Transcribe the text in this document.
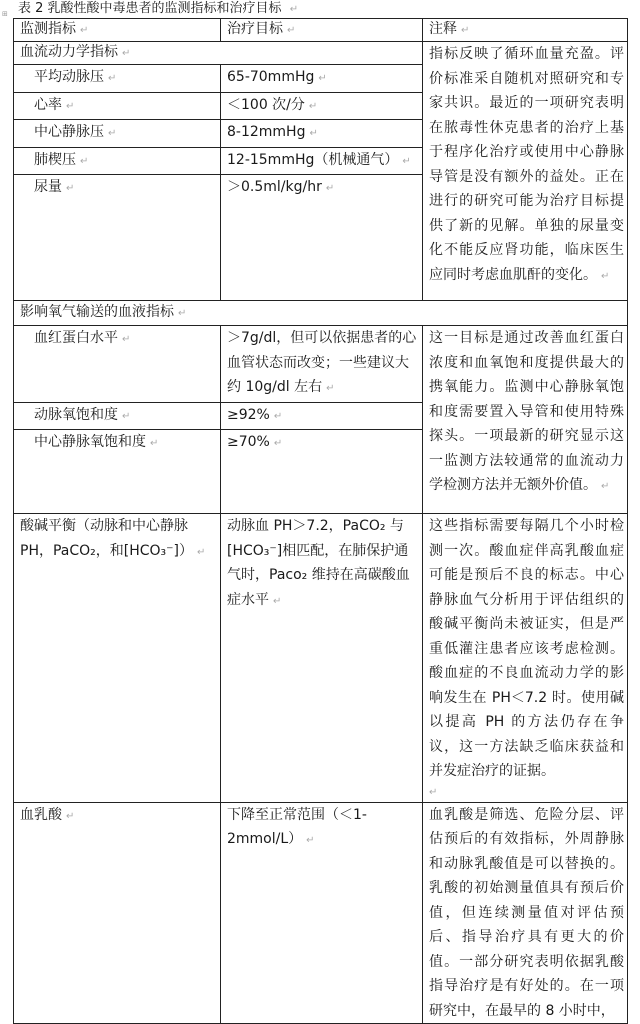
⊞ 表 2 乳酸性酸中毒患者的监测指标和治疗目标 ↵
监测指标 ↵	治疗目标 ↵	注释 ↵
血流动力学指标 ↵		指标反映了循环血量充盈。评价标准采自随机对照研究和专家共识。最近的一项研究表明在脓毒性休克患者的治疗上基于程序化治疗或使用中心静脉导管是没有额外的益处。正在进行的研究可能为治疗目标提供了新的见解。单独的尿量变化不能反应肾功能，临床医生应同时考虑血肌酐的变化。 ↵
平均动脉压 ↵	65-70mmHg ↵	
心率 ↵	＜100 次/分 ↵	
中心静脉压 ↵	8-12mmHg ↵	
肺楔压 ↵	12-15mmHg（机械通气） ↵	
尿量 ↵	＞0.5ml/kg/hr ↵	
影响氧气输送的血液指标 ↵		
血红蛋白水平 ↵	＞7g/dl，但可以依据患者的心血管状态而改变；一些建议大约 10g/dl 左右 ↵	这一目标是通过改善血红蛋白浓度和血氧饱和度提供最大的携氧能力。监测中心静脉氧饱和度需要置入导管和使用特殊探头。一项最新的研究显示这一监测方法较通常的血流动力学检测方法并无额外价值。 ↵
动脉氧饱和度 ↵	≥92% ↵	
中心静脉氧饱和度 ↵	≥70% ↵	
酸碱平衡（动脉和中心静脉 PH，PaCO₂，和[HCO₃⁻]） ↵	动脉血 PH＞7.2，PaCO₂ 与[HCO₃⁻]相匹配，在肺保护通气时，Paco₂ 维持在高碳酸血症水平 ↵	这些指标需要每隔几个小时检测一次。酸血症伴高乳酸血症可能是预后不良的标志。中心静脉血气分析用于评估组织的酸碱平衡尚未被证实，但是严重低灌注患者应该考虑检测。酸血症的不良血流动力学的影响发生在 PH＜7.2 时。使用碱以提高 PH 的方法仍存在争议，这一方法缺乏临床获益和并发症治疗的证据。
↵

血乳酸 ↵	下降至正常范围（＜1-2mmol/L） ↵	血乳酸是筛选、危险分层、评估预后的有效指标，外周静脉和动脉乳酸值是可以替换的。乳酸的初始测量值具有预后价值，但连续测量值对评估预后、指导治疗具有更大的价值。一部分研究表明依据乳酸指导治疗是有好处的。在一项研究中，在最早的 8 小时中，
